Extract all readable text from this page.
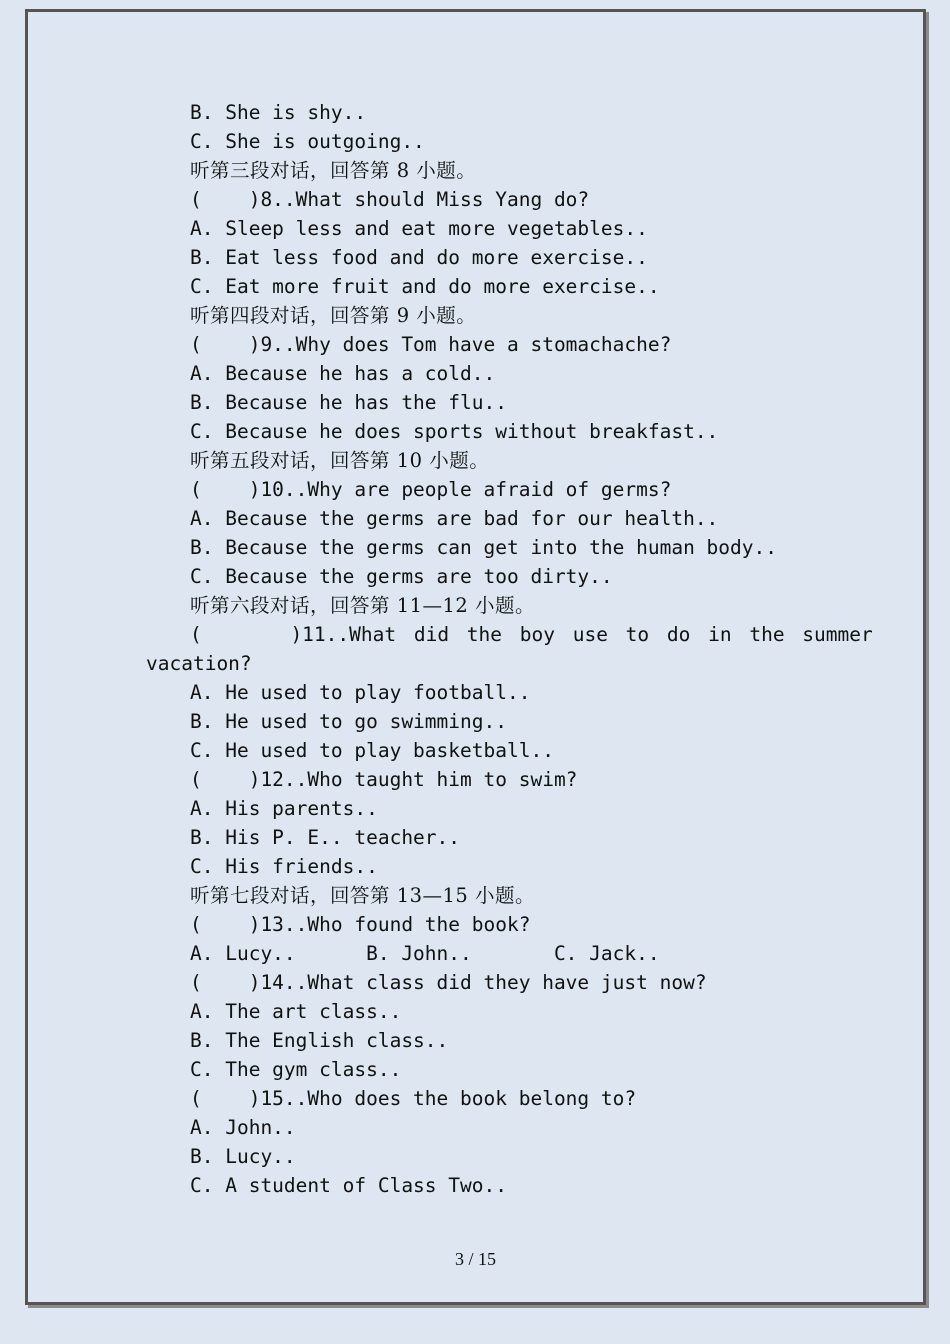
B. She is shy..
C. She is outgoing..
听第三段对话，回答第 8 小题。
(    )8..What should Miss Yang do?
A. Sleep less and eat more vegetables..
B. Eat less food and do more exercise..
C. Eat more fruit and do more exercise..
听第四段对话，回答第 9 小题。
(    )9..Why does Tom have a stomachache?
A. Because he has a cold..
B. Because he has the flu..
C. Because he does sports without breakfast..
听第五段对话，回答第 10 小题。
(    )10..Why are people afraid of germs?
A. Because the germs are bad for our health..
B. Because the germs can get into the human body..
C. Because the germs are too dirty..
听第六段对话，回答第 11—12 小题。
(     )11..What did the boy use to do in the summer
vacation?
A. He used to play football..
B. He used to go swimming..
C. He used to play basketball..
(    )12..Who taught him to swim?
A. His parents..
B. His P. E.. teacher..
C. His friends..
听第七段对话，回答第 13—15 小题。
(    )13..Who found the book?
A. Lucy..      B. John..       C. Jack..
(    )14..What class did they have just now?
A. The art class..
B. The English class..
C. The gym class..
(    )15..Who does the book belong to?
A. John..
B. Lucy..
C. A student of Class Two..
3 / 15
